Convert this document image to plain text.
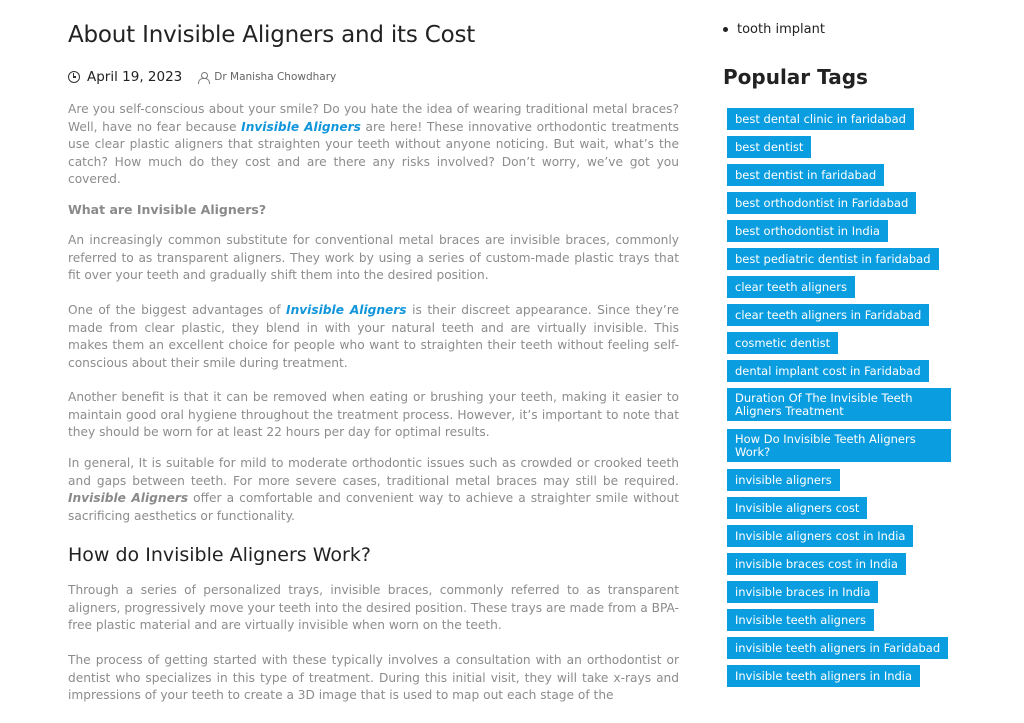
About Invisible Aligners and its Cost
April 19, 2023	Dr Manisha Chowdhary

Are you self-conscious about your smile? Do you hate the idea of wearing traditional metal braces? Well, have no fear because Invisible Aligners are here! These innovative orthodontic treatments use clear plastic aligners that straighten your teeth without anyone noticing. But wait, what’s the catch? How much do they cost and are there any risks involved? Don’t worry, we’ve got you covered.

What are Invisible Aligners?

An increasingly common substitute for conventional metal braces are invisible braces, commonly referred to as transparent aligners. They work by using a series of custom-made plastic trays that fit over your teeth and gradually shift them into the desired position.

One of the biggest advantages of Invisible Aligners is their discreet appearance. Since they’re made from clear plastic, they blend in with your natural teeth and are virtually invisible. This makes them an excellent choice for people who want to straighten their teeth without feeling self-conscious about their smile during treatment.

Another benefit is that it can be removed when eating or brushing your teeth, making it easier to maintain good oral hygiene throughout the treatment process. However, it’s important to note that they should be worn for at least 22 hours per day for optimal results.

In general, It is suitable for mild to moderate orthodontic issues such as crowded or crooked teeth and gaps between teeth. For more severe cases, traditional metal braces may still be required. Invisible Aligners offer a comfortable and convenient way to achieve a straighter smile without sacrificing aesthetics or functionality.

How do Invisible Aligners Work?

Through a series of personalized trays, invisible braces, commonly referred to as transparent aligners, progressively move your teeth into the desired position. These trays are made from a BPA-free plastic material and are virtually invisible when worn on the teeth.

The process of getting started with these typically involves a consultation with an orthodontist or dentist who specializes in this type of treatment. During this initial visit, they will take x-rays and impressions of your teeth to create a 3D image that is used to map out each stage of the

tooth implant
Popular Tags
best dental clinic in faridabad
best dentist
best dentist in faridabad
best orthodontist in Faridabad
best orthodontist in India
best pediatric dentist in faridabad
clear teeth aligners
clear teeth aligners in Faridabad
cosmetic dentist
dental implant cost in Faridabad
Duration Of The Invisible Teeth Aligners Treatment
How Do Invisible Teeth Aligners Work?
invisible aligners
Invisible aligners cost
Invisible aligners cost in India
invisible braces cost in India
invisible braces in India
Invisible teeth aligners
invisible teeth aligners in Faridabad
Invisible teeth aligners in India
